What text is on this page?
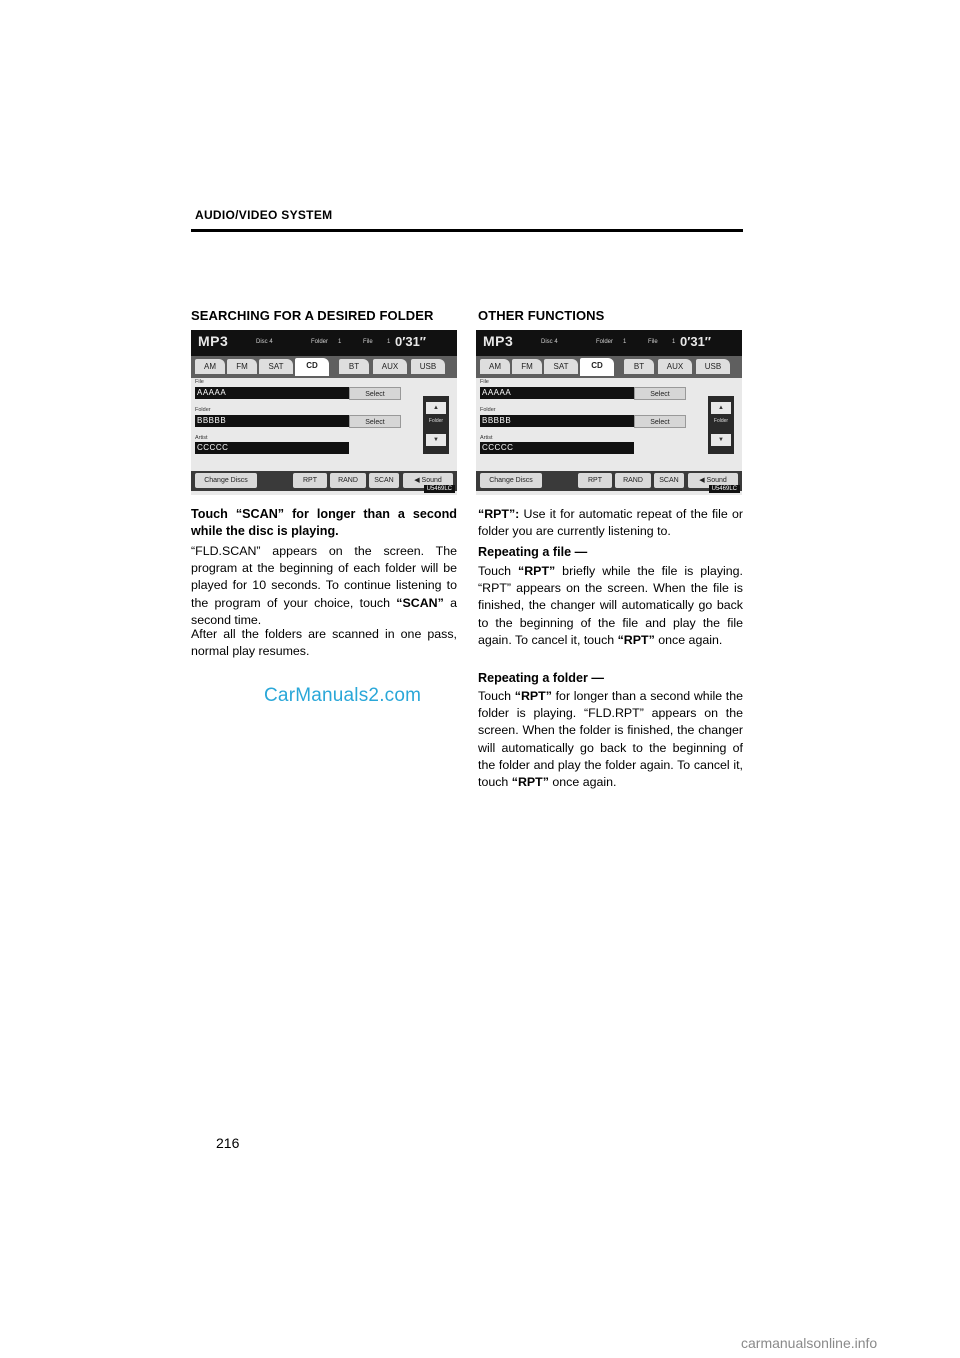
AUDIO/VIDEO SYSTEM
SEARCHING FOR A DESIRED FOLDER
MP3	Disc 4	Folder 1	File 1 0′31″
AM	FM	SAT	CD	BT	AUX	USB
File
AAAAA	Select
Folder
BBBBB	Select
Artist
CCCCC
▲
Folder
▼
Change Discs	RPT	RAND	SCAN	◀ Sound
U5469LC
Touch “SCAN” for longer than a second while the disc is playing.
“FLD.SCAN” appears on the screen. The program at the beginning of each folder will be played for 10 seconds. To continue listening to the program of your choice, touch “SCAN” a second time.
After all the folders are scanned in one pass, normal play resumes.
CarManuals2.com
OTHER FUNCTIONS
MP3	Disc 4	Folder 1	File 1 0′31″
AM	FM	SAT	CD	BT	AUX	USB
File
AAAAA	Select
Folder
BBBBB	Select
Artist
CCCCC
▲
Folder
▼
Change Discs	RPT	RAND	SCAN	◀ Sound
U5469LC
“RPT”: Use it for automatic repeat of the file or folder you are currently listening to.
Repeating a file —
Touch “RPT” briefly while the file is playing. “RPT” appears on the screen. When the file is finished, the changer will automatically go back to the beginning of the file and play the file again. To cancel it, touch “RPT” once again.
Repeating a folder —
Touch “RPT” for longer than a second while the folder is playing. “FLD.RPT” appears on the screen. When the folder is finished, the changer will automatically go back to the beginning of the folder and play the folder again. To cancel it, touch “RPT” once again.
216
carmanualsonline.info
